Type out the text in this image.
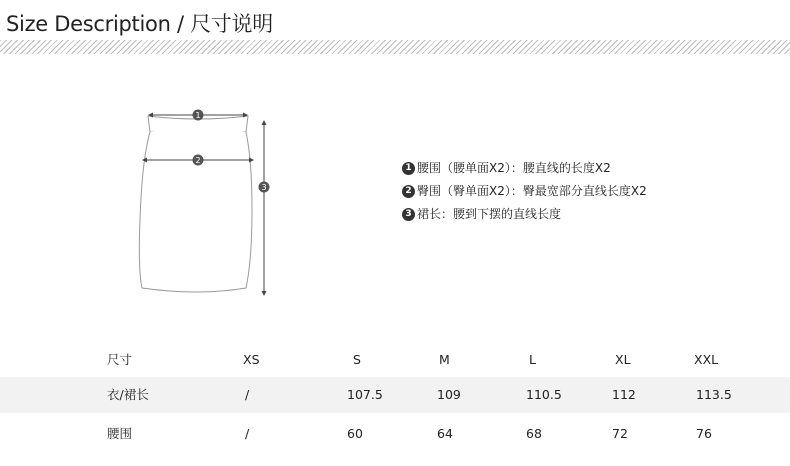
Size Description / 尺寸说明
1
2
3
1 腰围（腰单面X2）：腰直线的长度X2
2 臀围（臀单面X2）：臀最宽部分直线长度X2
3 裙长：腰到下摆的直线长度
尺寸	XS	S	M	L	XL	XXL
衣/裙长	/	107.5	109	110.5	112	113.5
腰围	/	60	64	68	72	76
